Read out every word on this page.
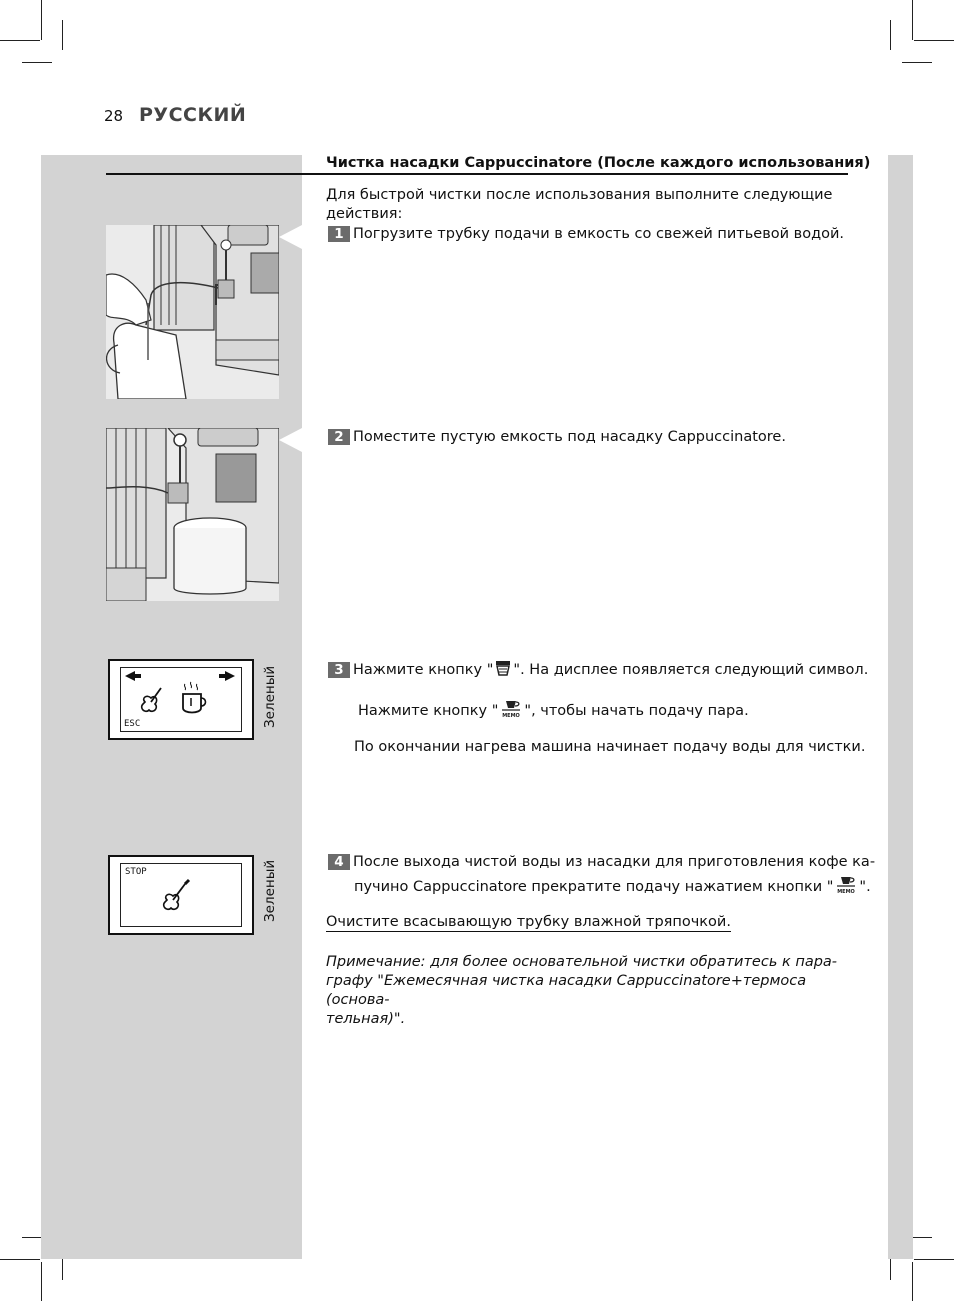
28 РУССКИЙ
Чистка насадки Cappuccinatore (После каждого использования)
Для быстрой чистки после использования выполните следующие действия:
1 Погрузите трубку подачи в емкость со свежей питьевой водой.
2 Поместите пустую емкость под насадку Cappuccinatore.
3 Нажмите кнопку " ". На дисплее появляется следующий символ.
Нажмите кнопку " MEMO ", чтобы начать подачу пара.
По окончании нагрева машина начинает подачу воды для чистки.
ESC	Зеленый
4 После выхода чистой воды из насадки для приготовления кофе ка-
пучино Cappuccinatore прекратите подачу нажатием кнопки " MEMO ".
STOP	Зеленый	Очистите всасывающую трубку влажной тряпочкой.
Примечание: для более основательной чистки обратитесь к пара-
графу "Ежемесячная чистка насадки Cappuccinatore+термоса (основа-
тельная)".
